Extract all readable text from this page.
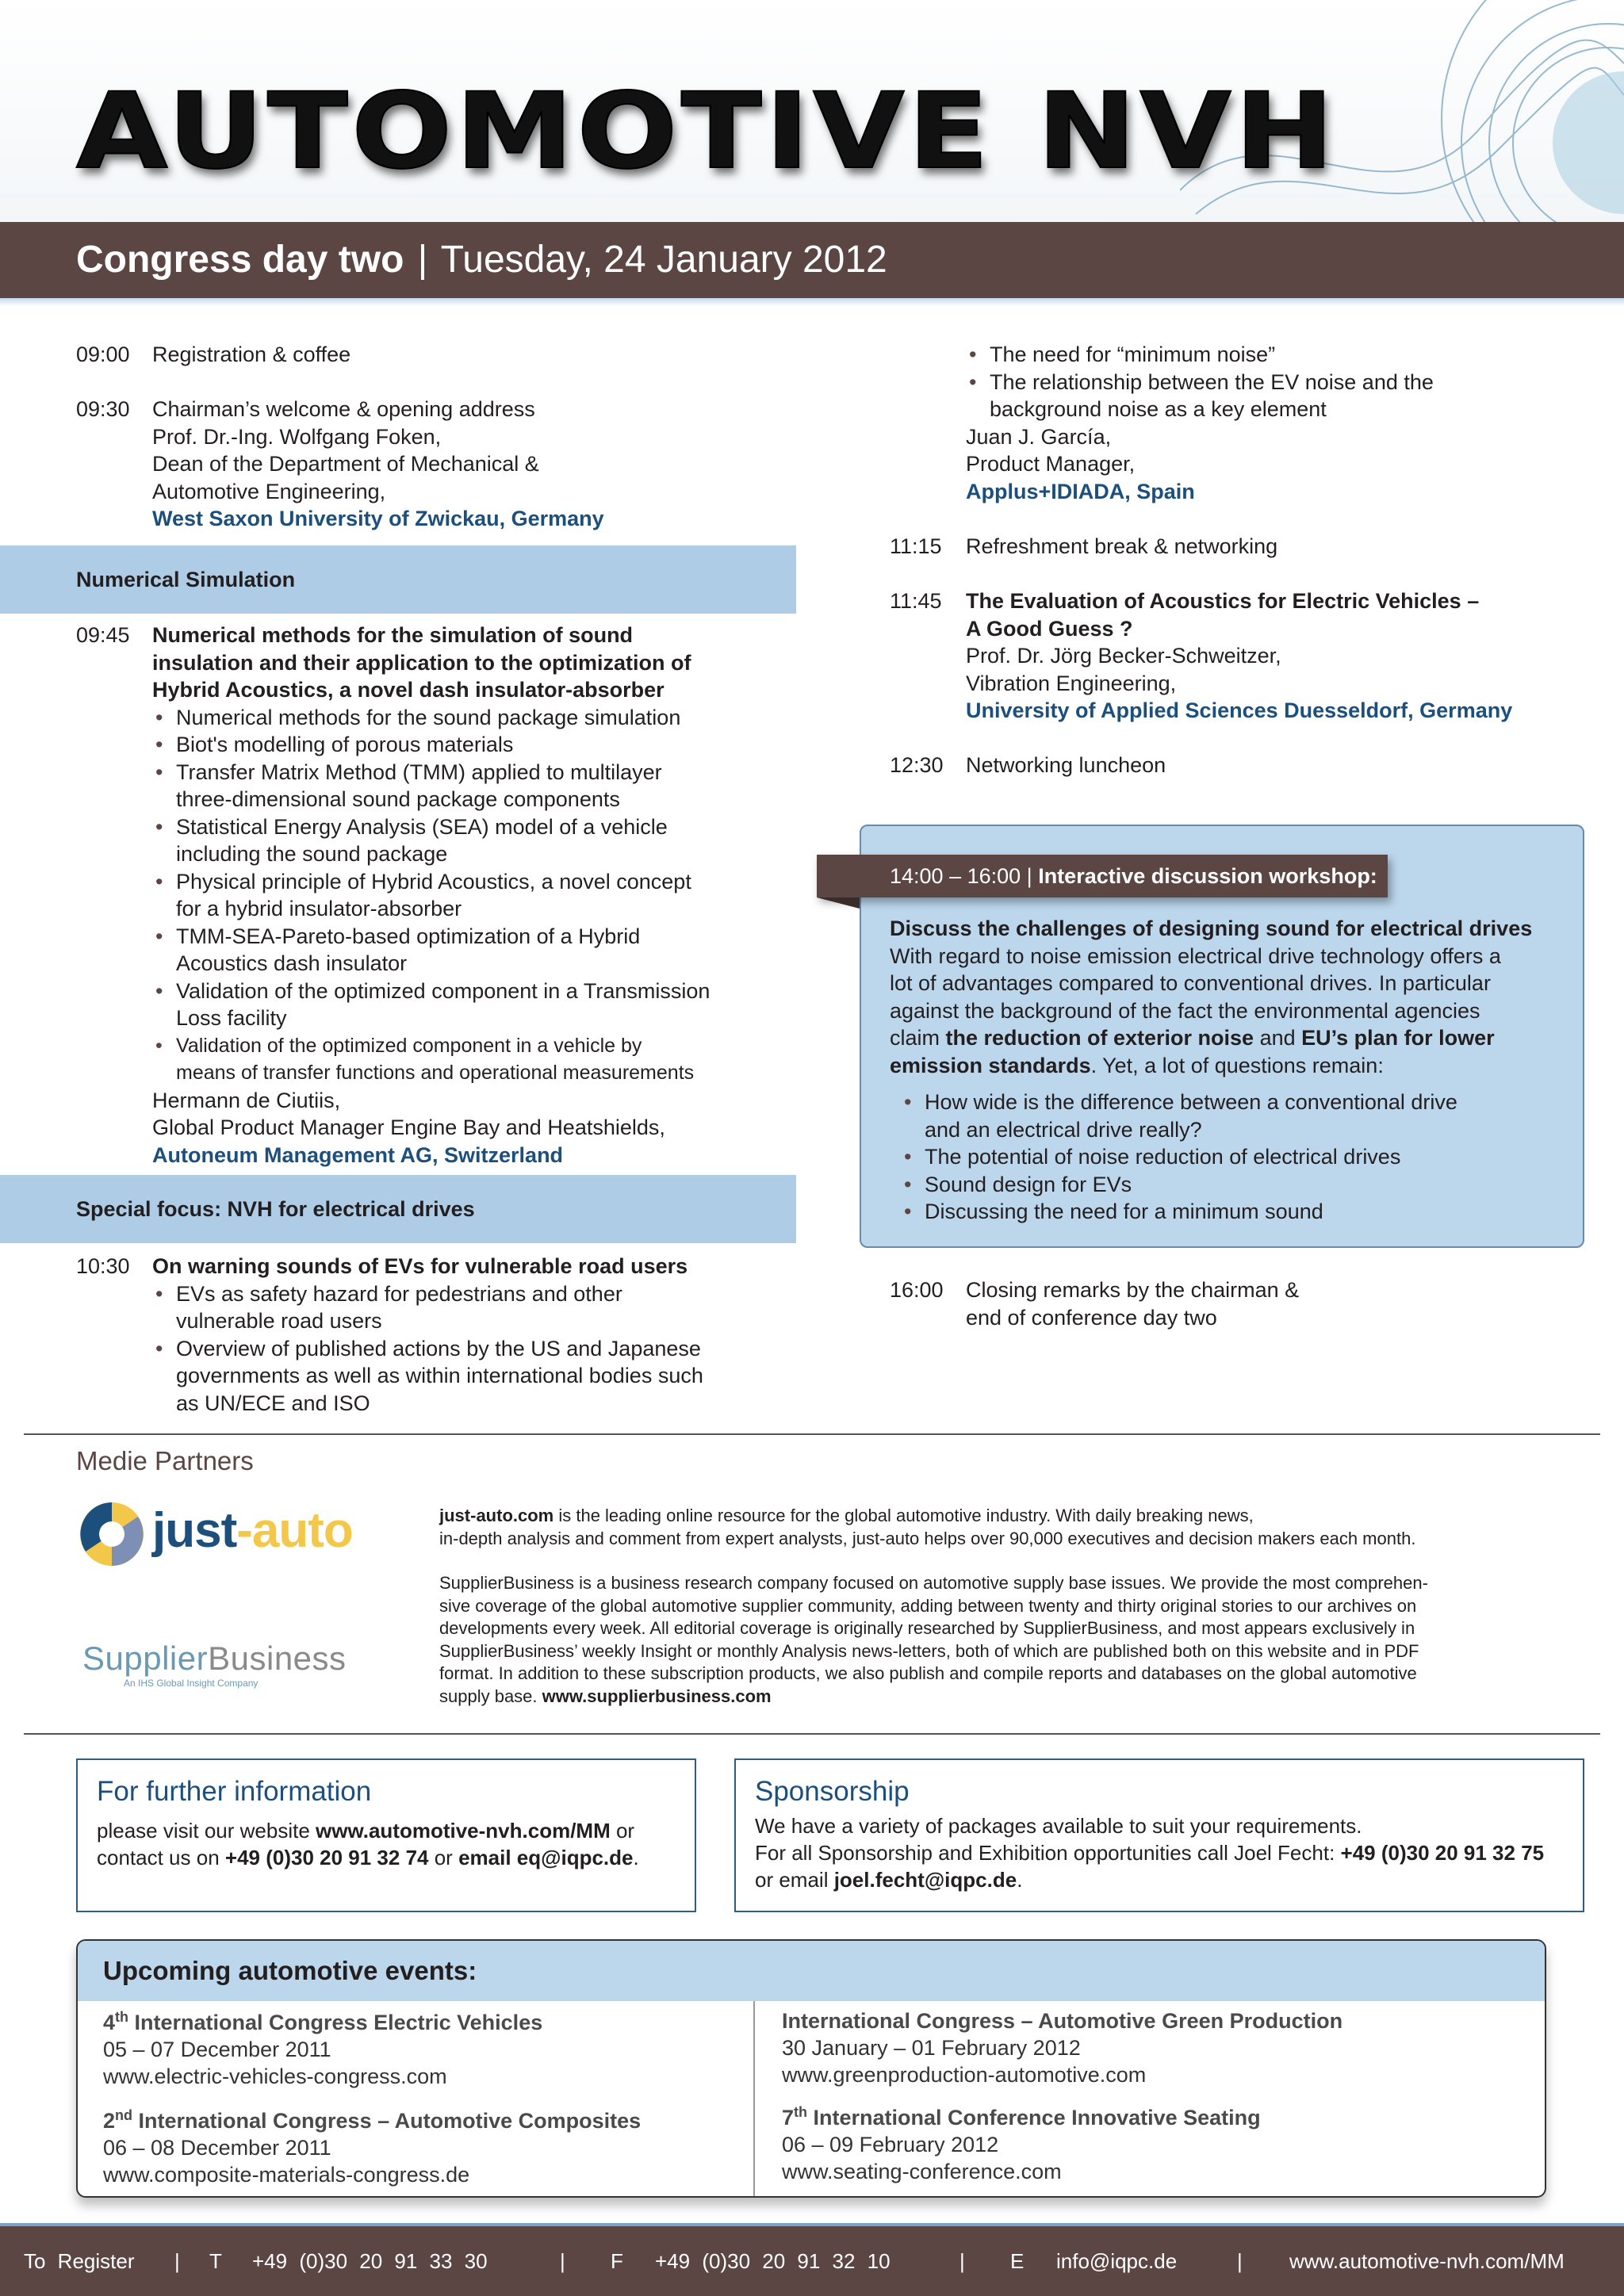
AUTOMOTIVE NVH
Congress day two | Tuesday, 24 January 2012
09:00	Registration & coffee
09:30	Chairman’s welcome & opening address
Prof. Dr.-Ing. Wolfgang Foken,
Dean of the Department of Mechanical &
Automotive Engineering,
West Saxon University of Zwickau, Germany
Numerical Simulation
09:45	Numerical methods for the simulation of sound
insulation and their application to the optimization of
Hybrid Acoustics, a novel dash insulator-absorber
• Numerical methods for the sound package simulation
• Biot's modelling of porous materials
• Transfer Matrix Method (TMM) applied to multilayer
three-dimensional sound package components
• Statistical Energy Analysis (SEA) model of a vehicle
including the sound package
• Physical principle of Hybrid Acoustics, a novel concept
for a hybrid insulator-absorber
• TMM-SEA-Pareto-based optimization of a Hybrid
Acoustics dash insulator
• Validation of the optimized component in a Transmission
Loss facility
• Validation of the optimized component in a vehicle by
means of transfer functions and operational measurements
Hermann de Ciutiis,
Global Product Manager Engine Bay and Heatshields,
Autoneum Management AG, Switzerland
Special focus: NVH for electrical drives
10:30	On warning sounds of EVs for vulnerable road users
• EVs as safety hazard for pedestrians and other
vulnerable road users
• Overview of published actions by the US and Japanese
governments as well as within international bodies such
as UN/ECE and ISO
• The need for “minimum noise”
• The relationship between the EV noise and the
background noise as a key element
Juan J. García,
Product Manager,
Applus+IDIADA, Spain
11:15	Refreshment break & networking
11:45	The Evaluation of Acoustics for Electric Vehicles –
A Good Guess ?
Prof. Dr. Jörg Becker-Schweitzer,
Vibration Engineering,
University of Applied Sciences Duesseldorf, Germany
12:30	Networking luncheon
14:00 – 16:00 | Interactive discussion workshop:
Discuss the challenges of designing sound for electrical drives
With regard to noise emission electrical drive technology offers a
lot of advantages compared to conventional drives. In particular
against the background of the fact the environmental agencies
claim the reduction of exterior noise and EU’s plan for lower
emission standards. Yet, a lot of questions remain:
• How wide is the difference between a conventional drive
and an electrical drive really?
• The potential of noise reduction of electrical drives
• Sound design for EVs
• Discussing the need for a minimum sound
16:00	Closing remarks by the chairman &
end of conference day two
Medie Partners
just-auto	just-auto.com is the leading online resource for the global automotive industry. With daily breaking news,
in-depth analysis and comment from expert analysts, just-auto helps over 90,000 executives and decision makers each month.
SupplierBusiness
An IHS Global Insight Company
SupplierBusiness is a business research company focused on automotive supply base issues. We provide the most comprehen-
sive coverage of the global automotive supplier community, adding between twenty and thirty original stories to our archives on
developments every week. All editorial coverage is originally researched by SupplierBusiness, and most appears exclusively in
SupplierBusiness’ weekly Insight or monthly Analysis news-letters, both of which are published both on this website and in PDF
format. In addition to these subscription products, we also publish and compile reports and databases on the global automotive
supply base. www.supplierbusiness.com
For further information

please visit our website www.automotive-nvh.com/MM or
contact us on +49 (0)30 20 91 32 74 or email eq@iqpc.de.

Sponsorship

We have a variety of packages available to suit your requirements.
For all Sponsorship and Exhibition opportunities call Joel Fecht: +49 (0)30 20 91 32 75
or email joel.fecht@iqpc.de.

Upcoming automotive events:
4th International Congress Electric Vehicles
05 – 07 December 2011
www.electric-vehicles-congress.com
2nd International Congress – Automotive Composites
06 – 08 December 2011
www.composite-materials-congress.de
International Congress – Automotive Green Production
30 January – 01 February 2012
www.greenproduction-automotive.com
7th International Conference Innovative Seating
06 – 09 February 2012
www.seating-conference.com
To Register | T +49 (0)30 20 91 33 30	| F +49 (0)30 20 91 32 10	| E info@iqpc.de	| www.automotive-nvh.com/MM
